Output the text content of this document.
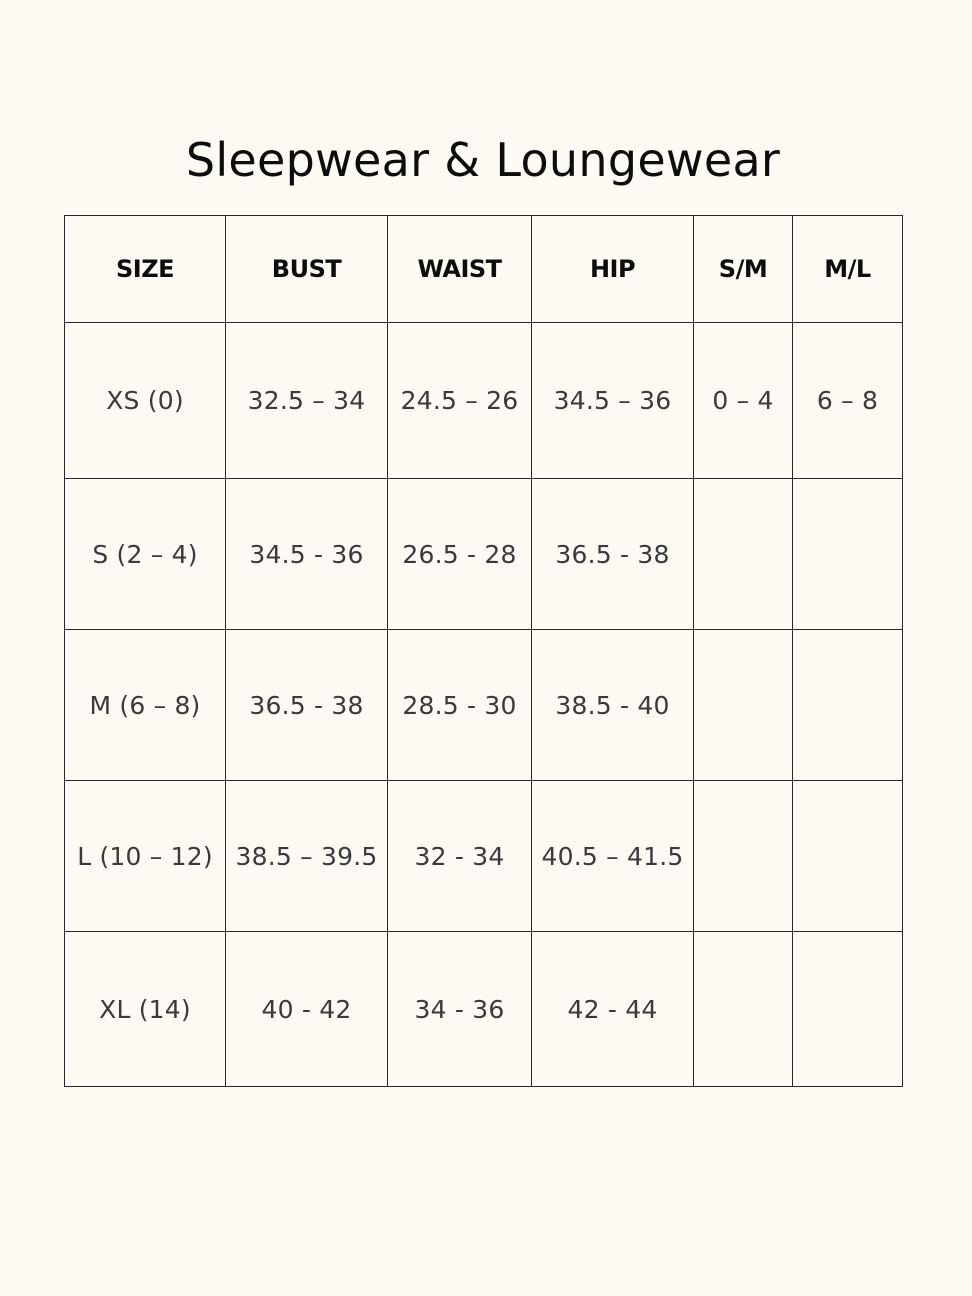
Sleepwear & Loungewear
SIZE	BUST	WAIST	HIP	S/M	M/L
XS (0)	32.5 – 34	24.5 – 26	34.5 – 36	0 – 4	6 – 8
S (2 – 4)	34.5 - 36	26.5 - 28	36.5 - 38		
M (6 – 8)	36.5 - 38	28.5 - 30	38.5 - 40		
L (10 – 12)	38.5 – 39.5	32 - 34	40.5 – 41.5		
XL (14)	40 - 42	34 - 36	42 - 44		
